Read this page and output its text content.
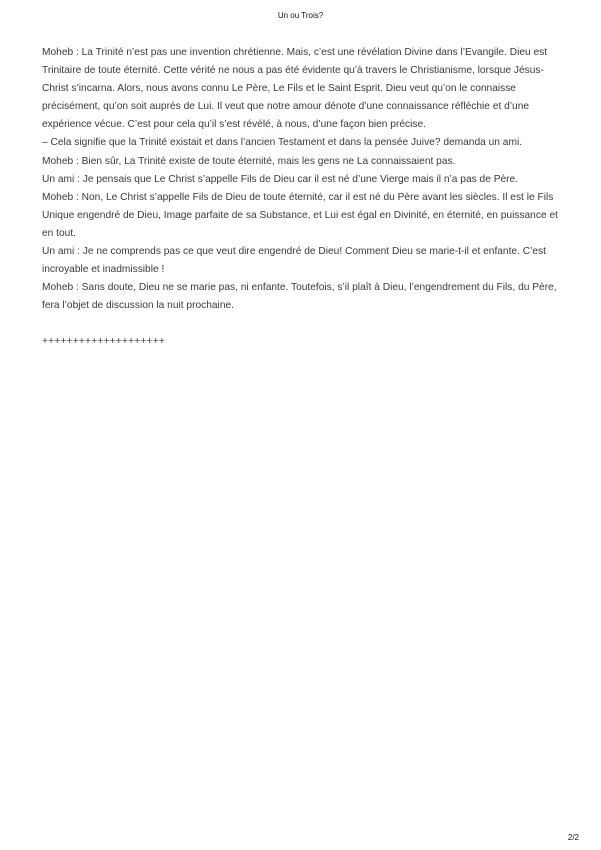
Un ou Trois?

Moheb : La Trinité n’est pas une invention chrétienne. Mais, c’est une révélation Divine dans l’Evangile. Dieu est Trinitaire de toute éternité. Cette vérité ne nous a pas été évidente qu’à travers le Christianisme, lorsque Jésus-Christ s’incarna. Alors, nous avons connu Le Père, Le Fils et le Saint Esprit. Dieu veut qu’on le connaisse précisément, qu’on soit auprès de Lui. Il veut que notre amour dénote d’une connaissance réfléchie et d’une expérience vécue. C’est pour cela qu’il s’est révélé, à nous, d’une façon bien précise.

– Cela signifie que la Trinité existait et dans l’ancien Testament et dans la pensée Juive? demanda un ami.

Moheb : Bien sûr, La Trinité existe de toute éternité, mais les gens ne La connaissaient pas.

Un ami : Je pensais que Le Christ s’appelle Fils de Dieu car il est né d’une Vierge mais il n’a pas de Père.

Moheb : Non, Le Christ s’appelle Fils de Dieu de toute éternité, car il est né du Père avant les siècles. Il est le Fils Unique engendré de Dieu, Image parfaite de sa Substance, et Lui est égal en Divinité, en éternité, en puissance et en tout.

Un ami : Je ne comprends pas ce que veut dire engendré de Dieu! Comment Dieu se marie-t-il et enfante. C’est incroyable et inadmissible !

Moheb : Sans doute, Dieu ne se marie pas, ni enfante. Toutefois, s’il plaît à Dieu, l’engendrement du Fils, du Père, fera l’objet de discussion la nuit prochaine.

++++++++++++++++++++

2/2
